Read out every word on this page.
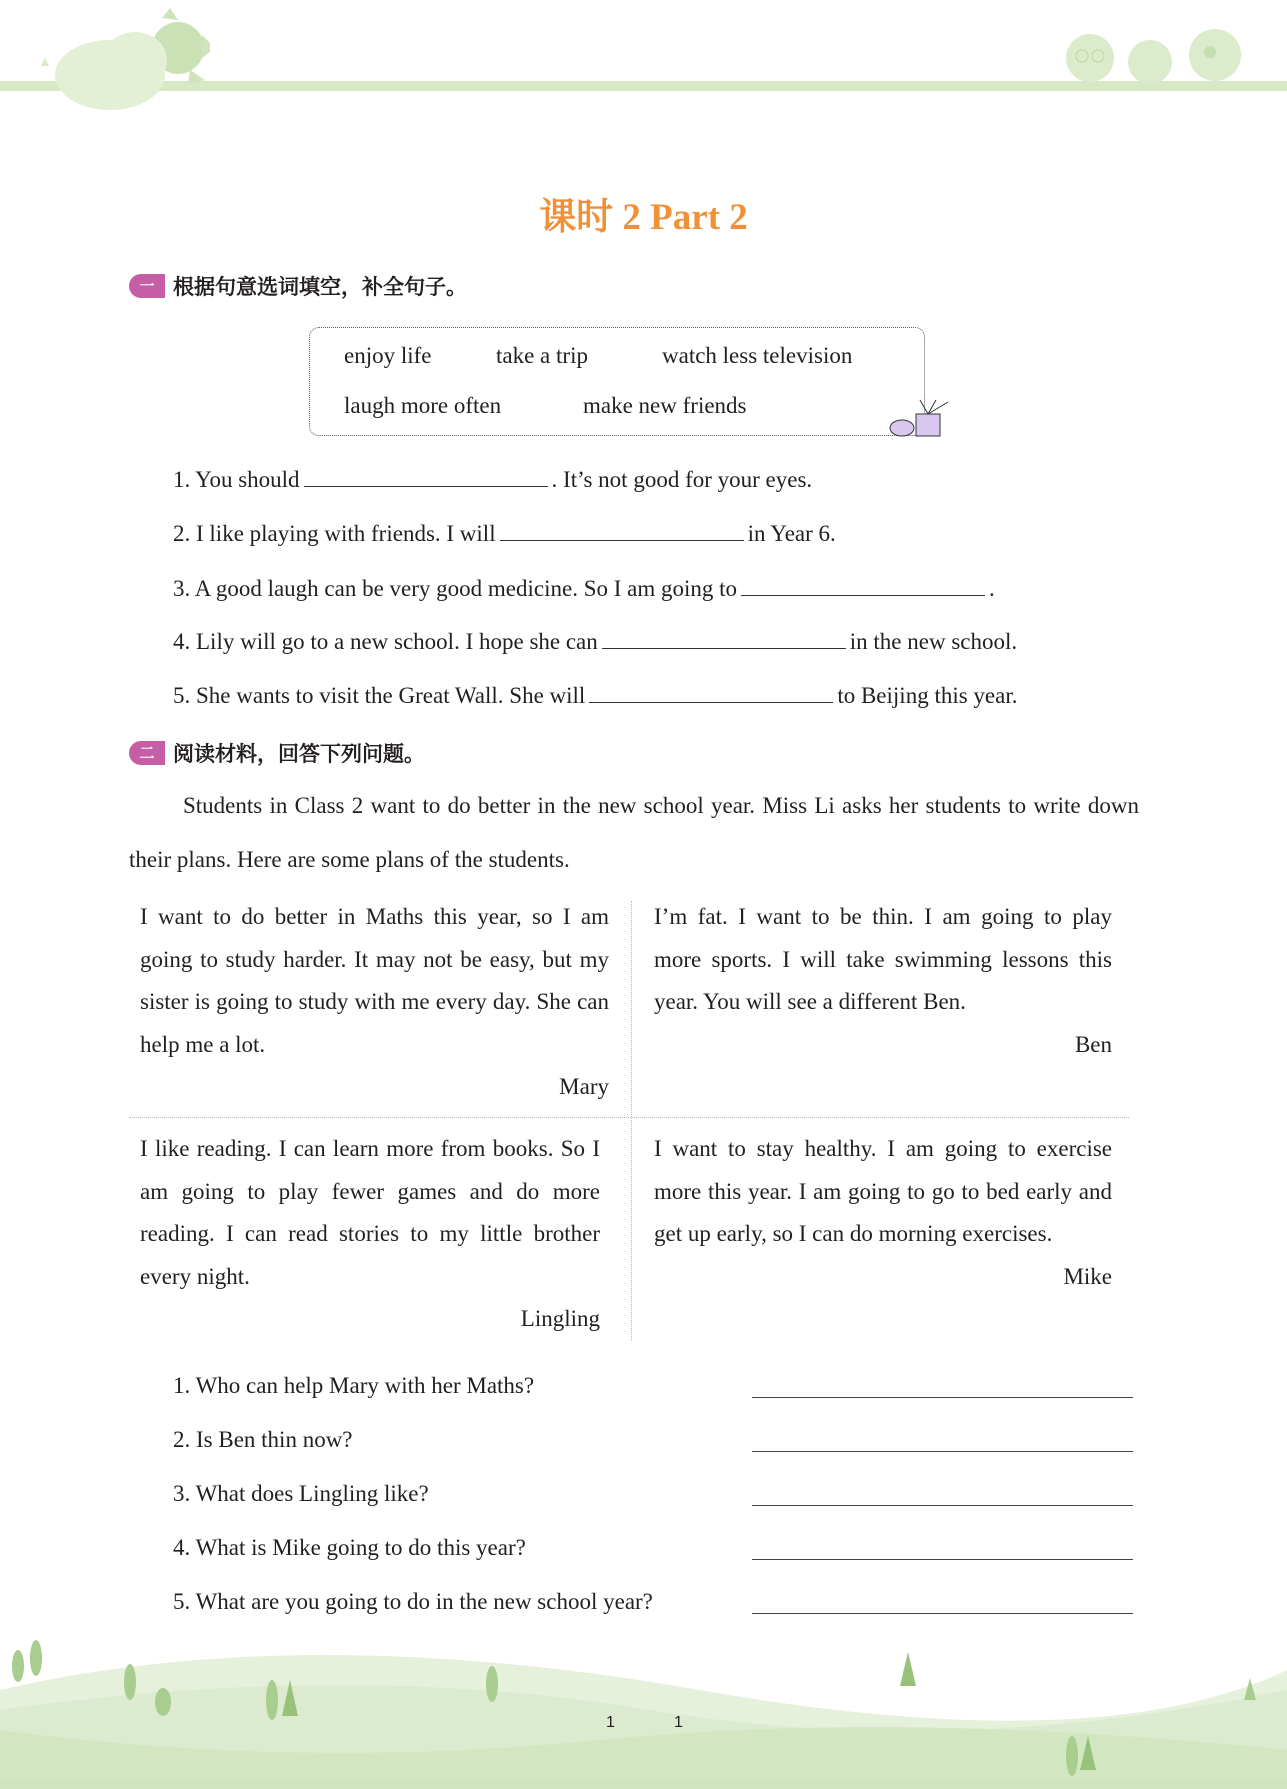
课时 2 Part 2
一 根据句意选词填空，补全句子。
enjoy life	take a trip	watch less television
laugh more often	make new friends
1. You should	. It’s not good for your eyes.
2. I like playing with friends. I will	in Year 6.
3. A good laugh can be very good medicine. So I am going to	.
4. Lily will go to a new school. I hope she can	in the new school.
5. She wants to visit the Great Wall. She will	to Beijing this year.
二 阅读材料，回答下列问题。
Students in Class 2 want to do better in the new school year. Miss Li asks her students to write down their plans. Here are some plans of the students.
I want to do better in Maths this year, so I am going to study harder. It may not be easy, but my sister is going to study with me every day. She can help me a lot.
Mary
I’m fat. I want to be thin. I am going to play more sports. I will take swimming lessons this year. You will see a different Ben.
Ben
I like reading. I can learn more from books. So I am going to play fewer games and do more reading. I can read stories to my little brother every night.
Lingling
I want to stay healthy. I am going to exercise more this year. I am going to go to bed early and get up early, so I can do morning exercises.
Mike
1. Who can help Mary with her Maths?
2. Is Ben thin now?
3. What does Lingling like?
4. What is Mike going to do this year?
5. What are you going to do in the new school year?
1	1
